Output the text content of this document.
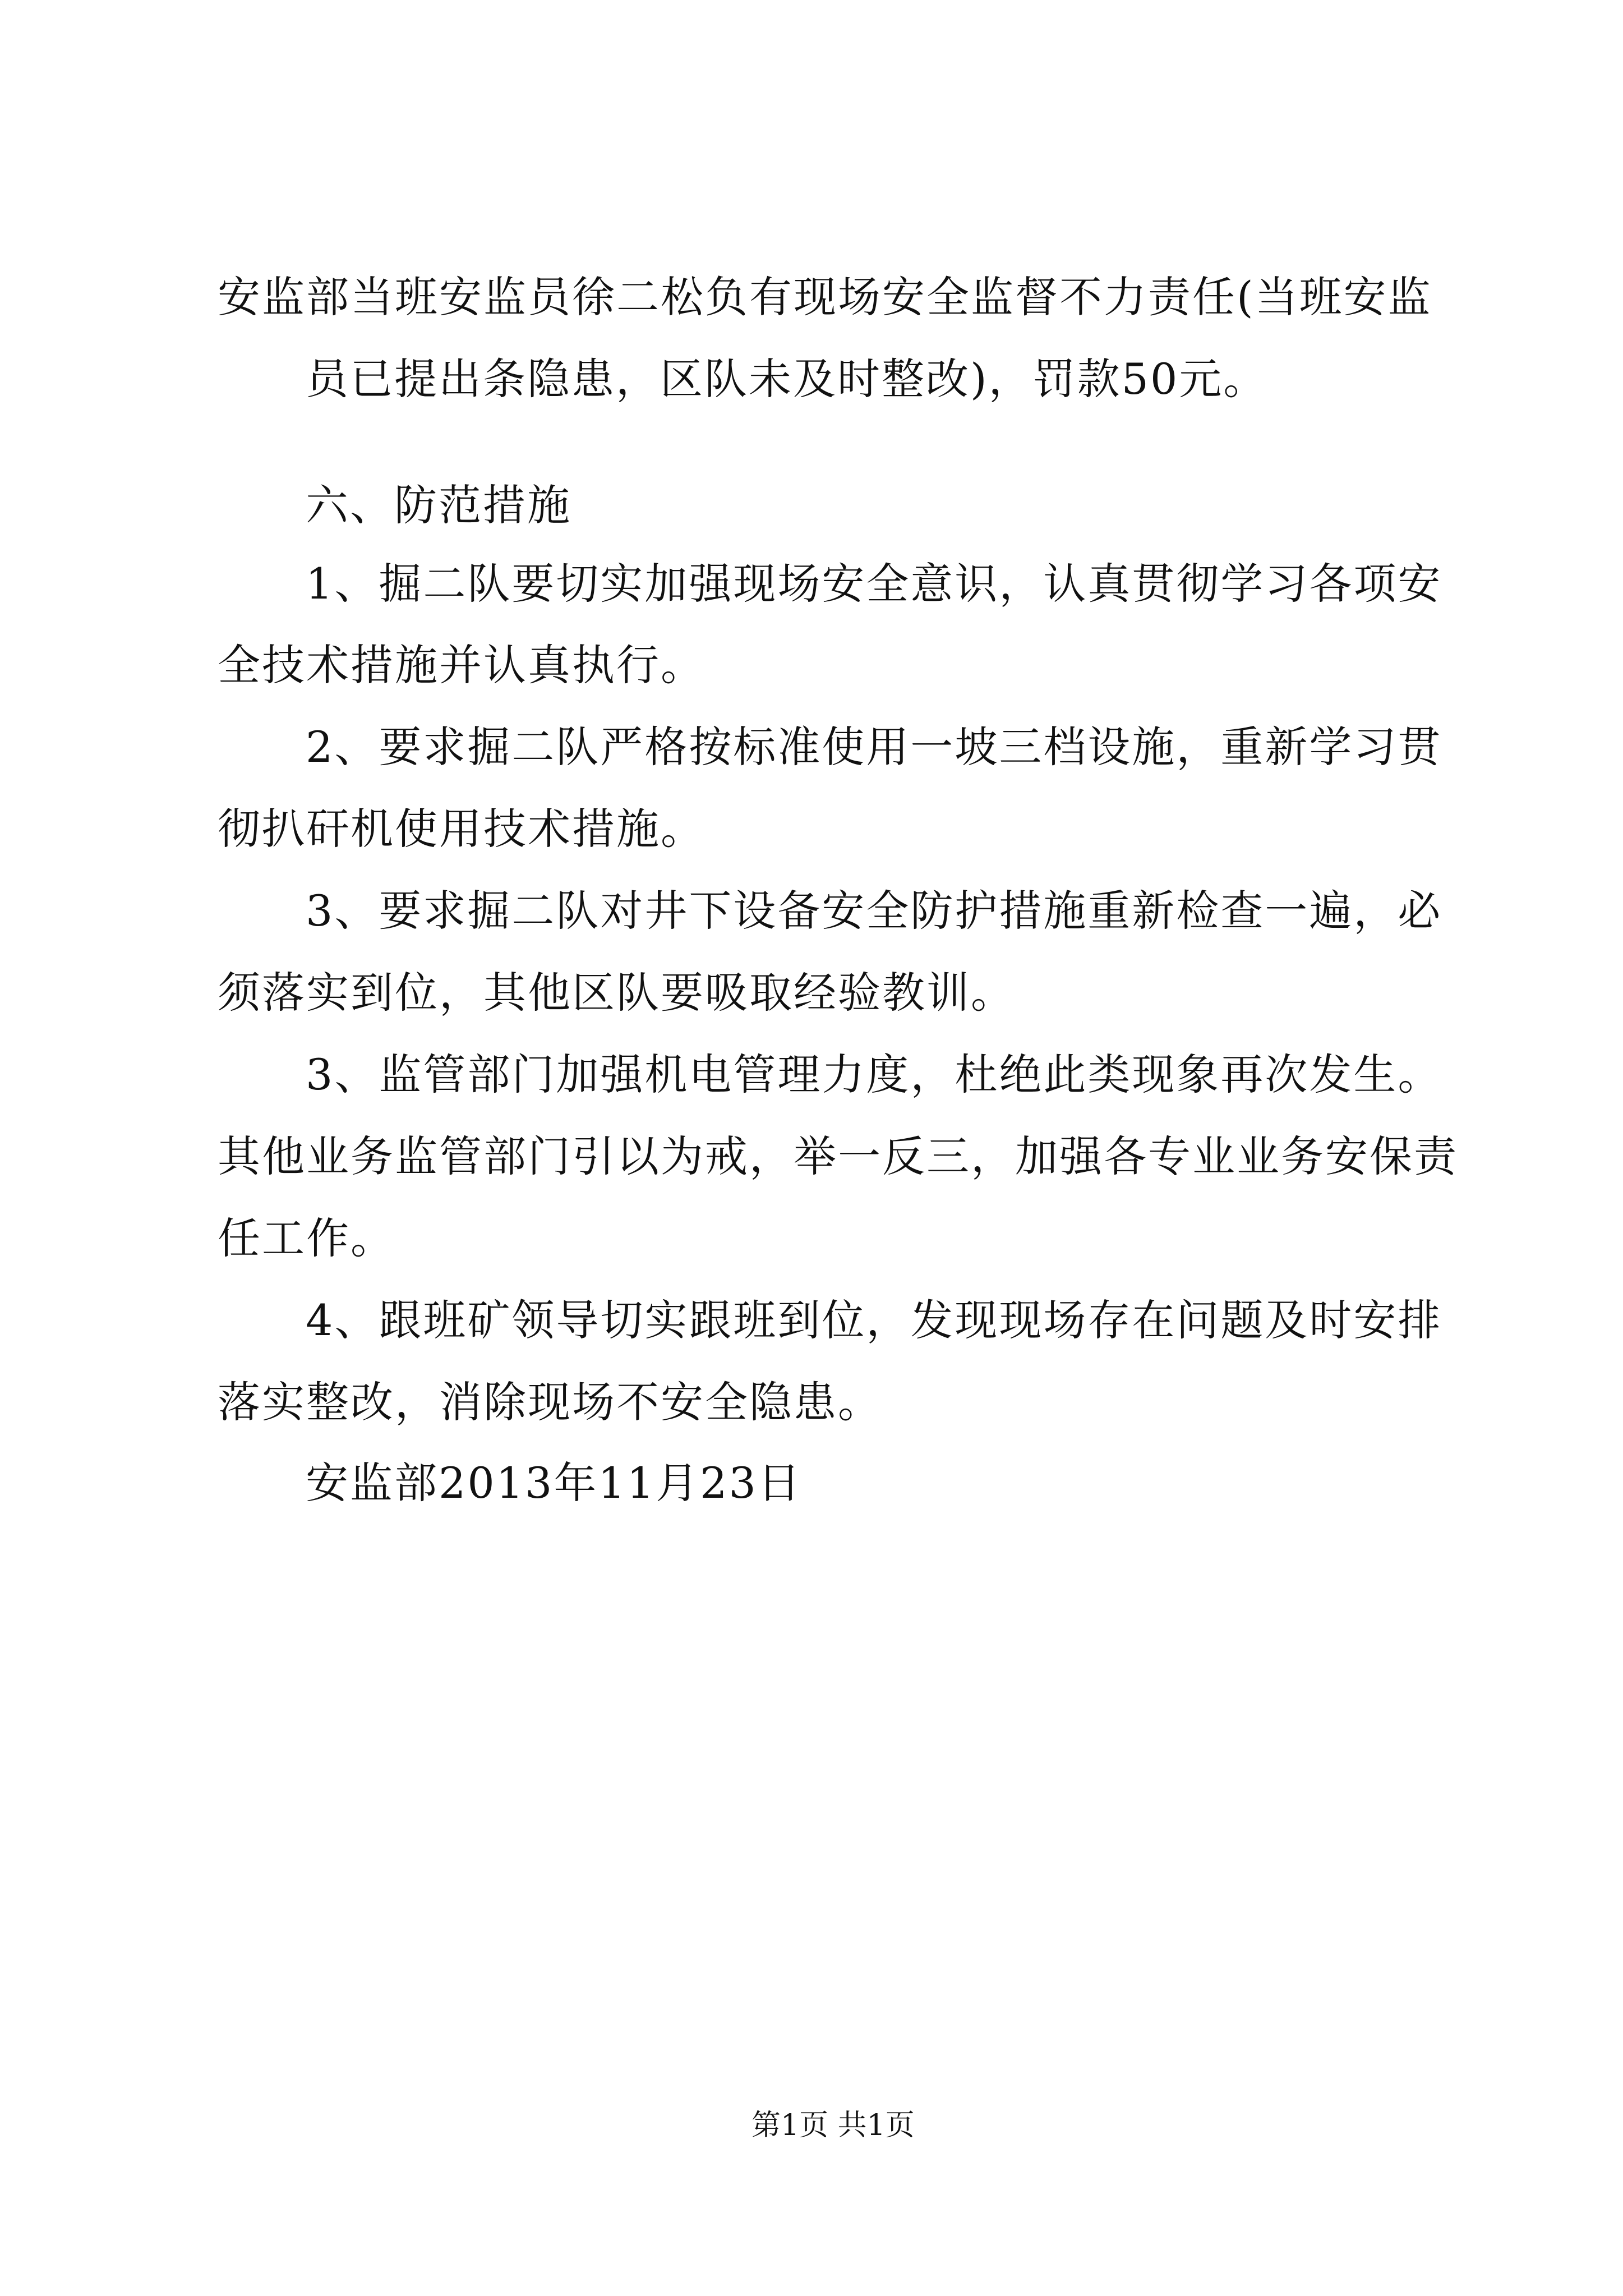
安监部当班安监员徐二松负有现场安全监督不力责任(当班安监
员已提出条隐患，区队未及时整改)，罚款50元。
六、防范措施
1、掘二队要切实加强现场安全意识，认真贯彻学习各项安
全技术措施并认真执行。
2、要求掘二队严格按标准使用一坡三档设施，重新学习贯
彻扒矸机使用技术措施。
3、要求掘二队对井下设备安全防护措施重新检查一遍，必
须落实到位，其他区队要吸取经验教训。
3、监管部门加强机电管理力度，杜绝此类现象再次发生。
其他业务监管部门引以为戒，举一反三，加强各专业业务安保责
任工作。
4、跟班矿领导切实跟班到位，发现现场存在问题及时安排
落实整改，消除现场不安全隐患。
安监部2013年11月23日
第1页 共1页
